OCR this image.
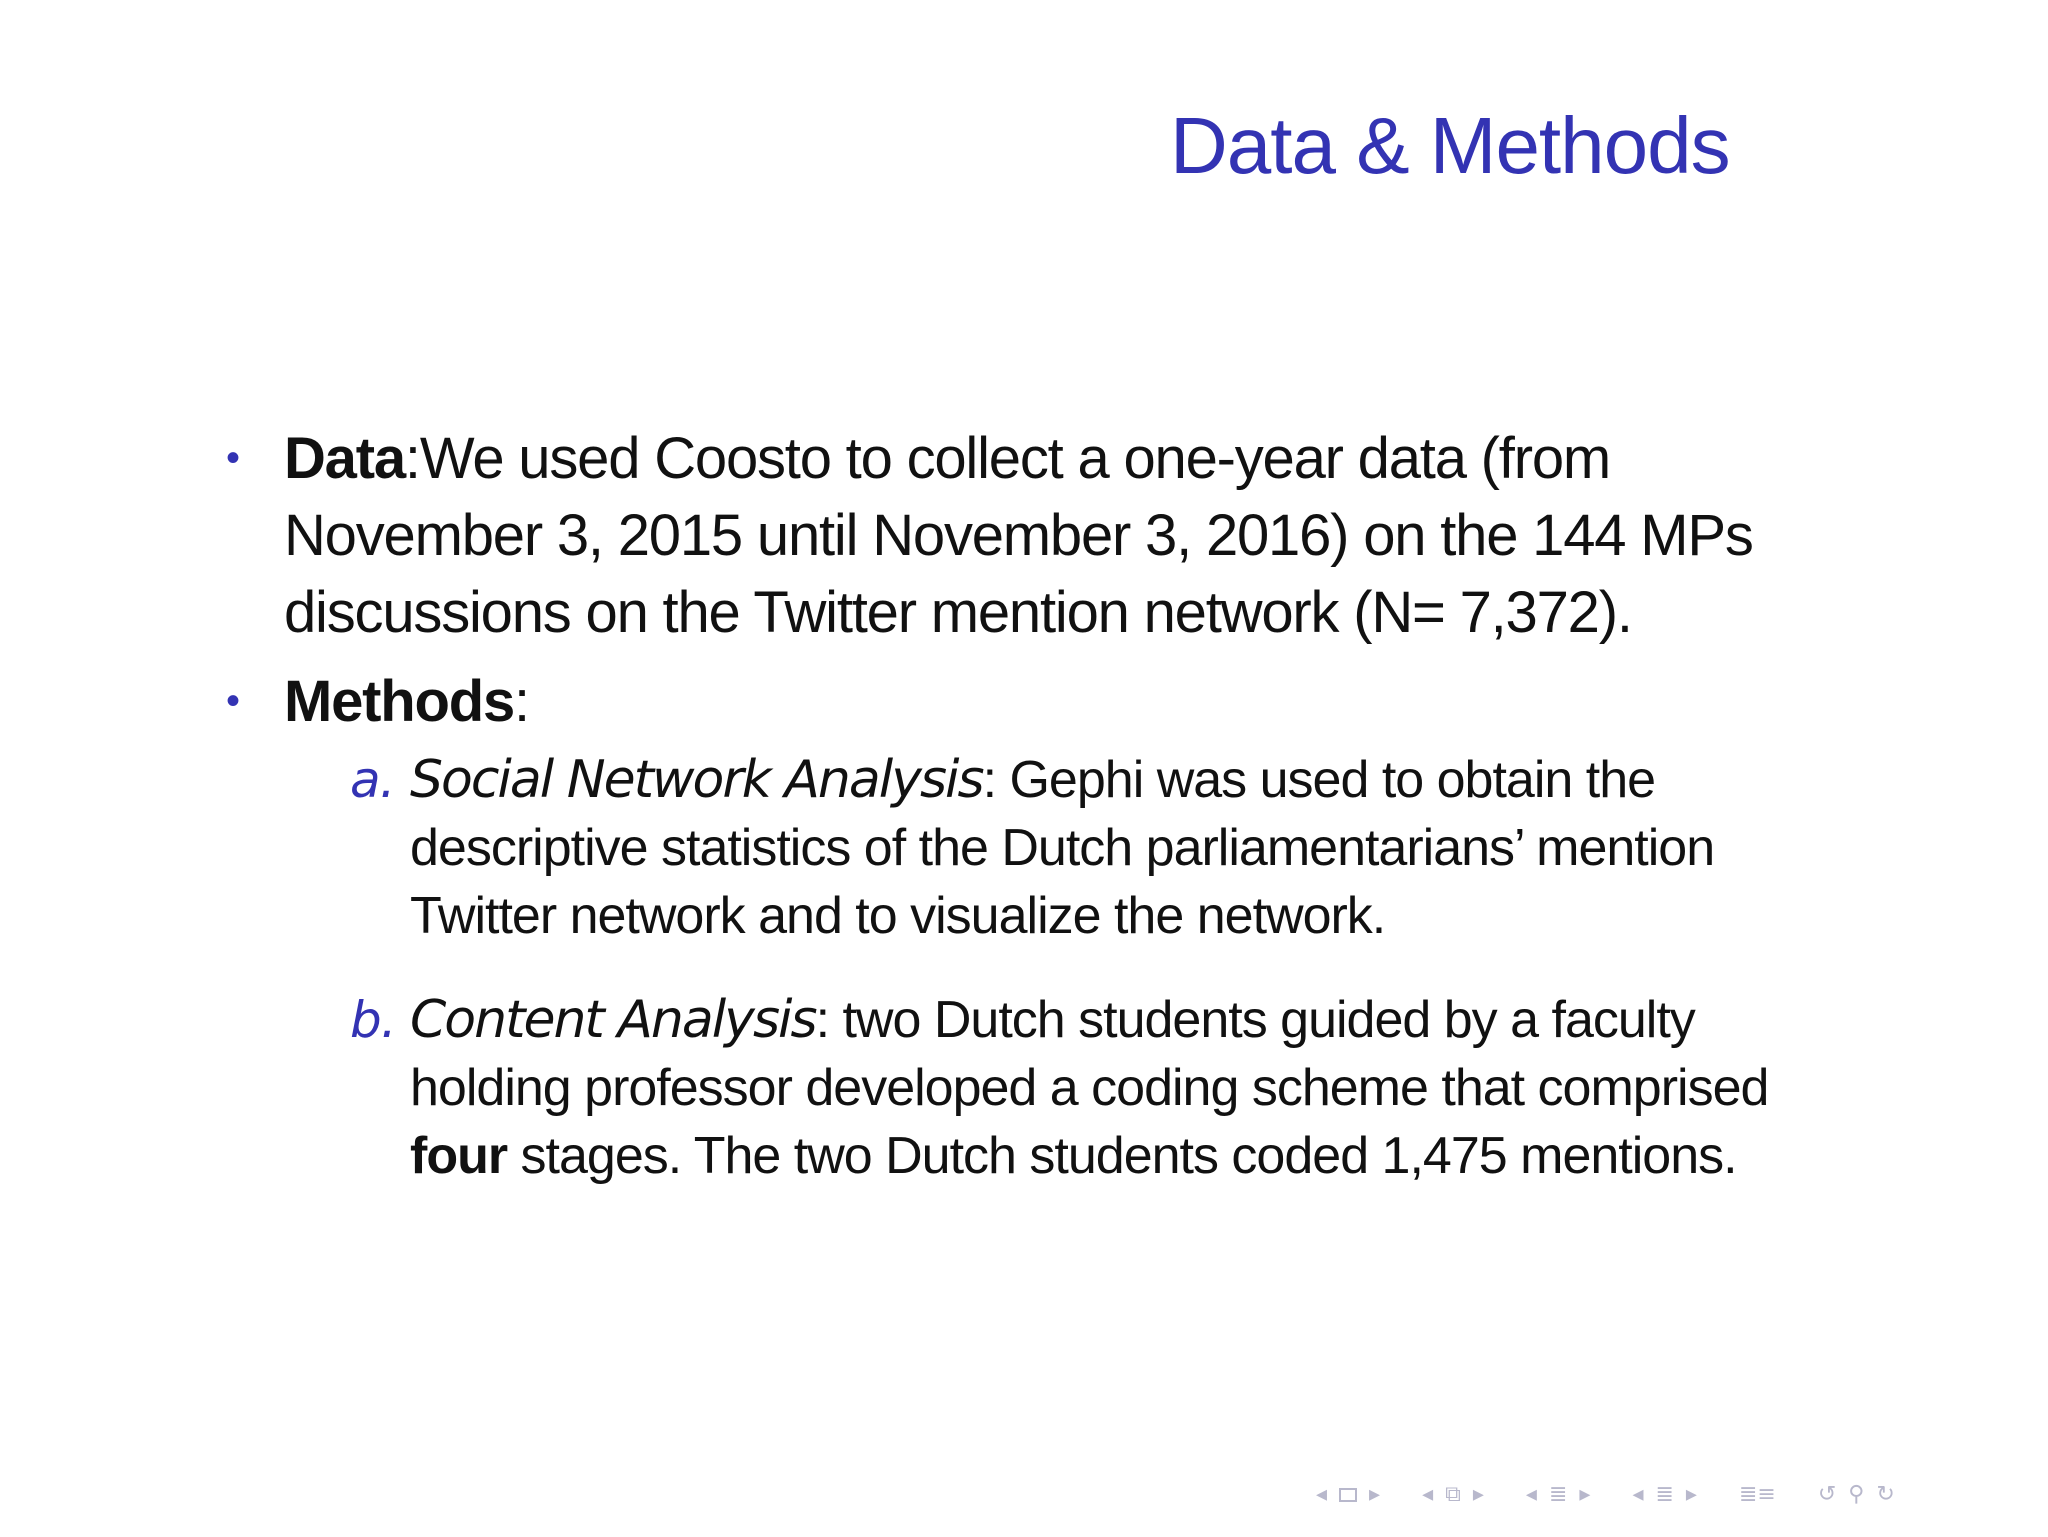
Data & Methods
• Data:We used Coosto to collect a one-year data (from November 3, 2015 until November 3, 2016) on the 144 MPs discussions on the Twitter mention network (N= 7,372).
• Methods:
a. Social Network Analysis: Gephi was used to obtain the descriptive statistics of the Dutch parliamentarians’ mention Twitter network and to visualize the network.
b. Content Analysis: two Dutch students guided by a faculty holding professor developed a coding scheme that comprised four stages. The two Dutch students coded 1,475 mentions.
◂ ▸ ◂ ⧉ ▸ ◂ ≣ ▸ ◂ ≣ ▸ ≣≡ ↺ ⚲ ↻
